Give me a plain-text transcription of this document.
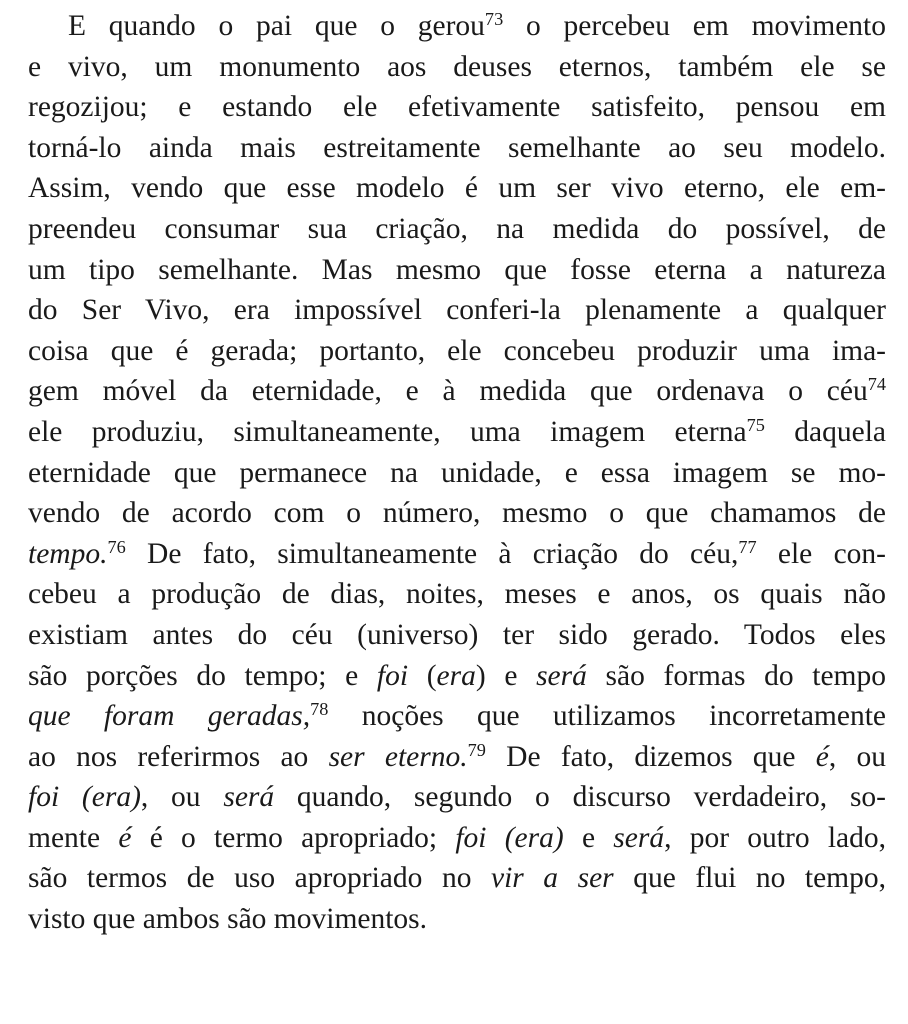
E quando o pai que o gerou$^{73}$ o percebeu em movimento
e vivo, um monumento aos deuses eternos, também ele se
regozijou; e estando ele efetivamente satisfeito, pensou em
torná-lo ainda mais estreitamente semelhante ao seu modelo.
Assim, vendo que esse modelo é um ser vivo eterno, ele em-
preendeu consumar sua criação, na medida do possível, de
um tipo semelhante. Mas mesmo que fosse eterna a natureza
do Ser Vivo, era impossível conferi-la plenamente a qualquer
coisa que é gerada; portanto, ele concebeu produzir uma ima-
gem móvel da eternidade, e à medida que ordenava o céu$^{74}$
ele produziu, simultaneamente, uma imagem eterna$^{75}$ daquela
eternidade que permanece na unidade, e essa imagem se mo-
vendo de acordo com o número, mesmo o que chamamos de
tempo.$^{76}$ De fato, simultaneamente à criação do céu,$^{77}$ ele con-
cebeu a produção de dias, noites, meses e anos, os quais não
existiam antes do céu (universo) ter sido gerado. Todos eles
são porções do tempo; e foi (era) e será são formas do tempo
que foram geradas,$^{78}$ noções que utilizamos incorretamente
ao nos referirmos ao ser eterno.$^{79}$ De fato, dizemos que é, ou
foi (era), ou será quando, segundo o discurso verdadeiro, so-
mente é é o termo apropriado; foi (era) e será, por outro lado,
são termos de uso apropriado no vir a ser que flui no tempo,
visto que ambos são movimentos.
